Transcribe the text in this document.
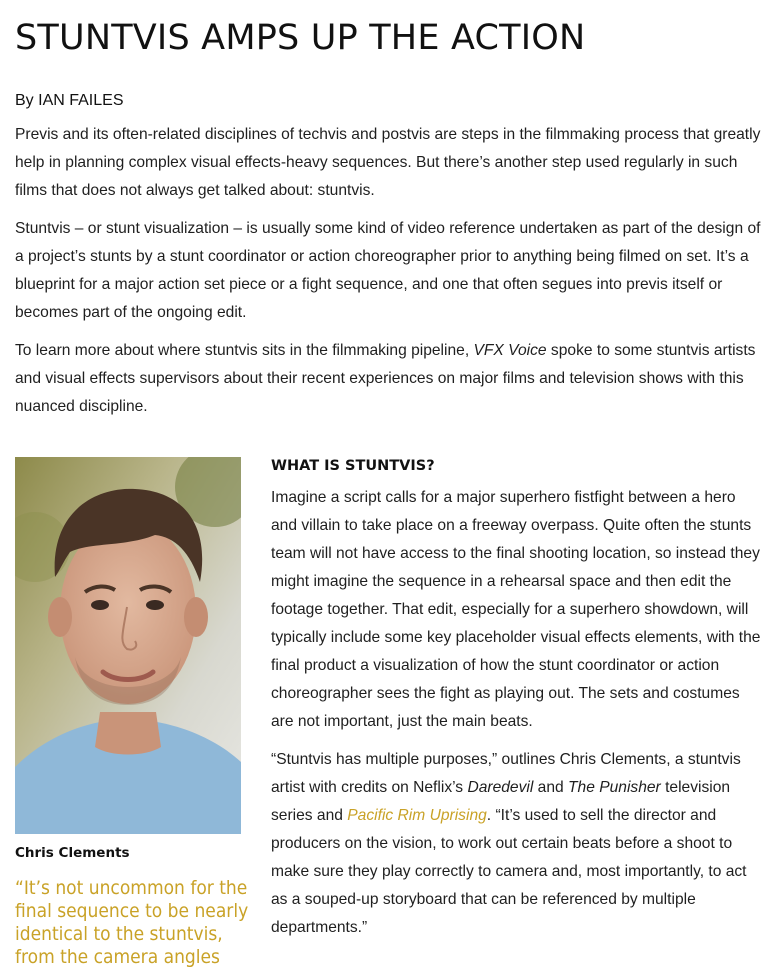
STUNTVIS AMPS UP THE ACTION
By IAN FAILES

Previs and its often-related disciplines of techvis and postvis are steps in the filmmaking process that greatly help in planning complex visual effects-heavy sequences. But there’s another step used regularly in such films that does not always get talked about: stuntvis.

Stuntvis – or stunt visualization – is usually some kind of video reference undertaken as part of the design of a project’s stunts by a stunt coordinator or action choreographer prior to anything being filmed on set. It’s a blueprint for a major action set piece or a fight sequence, and one that often segues into previs itself or becomes part of the ongoing edit.

To learn more about where stuntvis sits in the filmmaking pipeline, VFX Voice spoke to some stuntvis artists and visual effects supervisors about their recent experiences on major films and television shows with this nuanced discipline.

Chris Clements

“It’s not uncommon for the final sequence to be nearly identical to the stuntvis, from the camera angles

WHAT IS STUNTVIS?

Imagine a script calls for a major superhero fistfight between a hero and villain to take place on a freeway overpass. Quite often the stunts team will not have access to the final shooting location, so instead they might imagine the sequence in a rehearsal space and then edit the footage together. That edit, especially for a superhero showdown, will typically include some key placeholder visual effects elements, with the final product a visualization of how the stunt coordinator or action choreographer sees the fight as playing out. The sets and costumes are not important, just the main beats.

“Stuntvis has multiple purposes,” outlines Chris Clements, a stuntvis artist with credits on Neflix’s Daredevil and The Punisher television series and Pacific Rim Uprising. “It’s used to sell the director and producers on the vision, to work out certain beats before a shoot to make sure they play correctly to camera and, most importantly, to act as a souped-up storyboard that can be referenced by multiple departments.”
